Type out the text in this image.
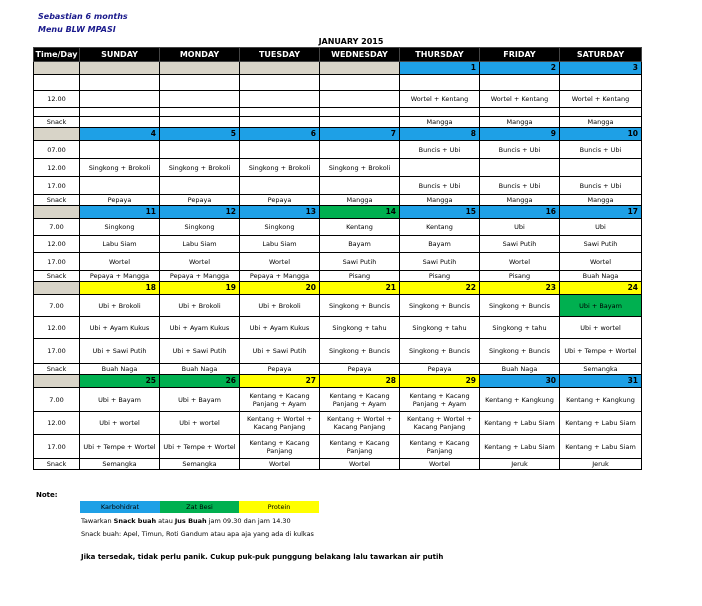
Sebastian 6 months
Menu BLW MPASI
JANUARY 2015
Time/Day	SUNDAY	MONDAY	TUESDAY	WEDNESDAY	THURSDAY	FRIDAY	SATURDAY
					1	2	3

12.00					Wortel + Kentang	Wortel + Kentang	Wortel + Kentang

Snack					Mangga	Mangga	Mangga
	4	5	6	7	8	9	10
07.00					Buncis + Ubi	Buncis + Ubi	Buncis + Ubi
12.00	Singkong + Brokoli	Singkong + Brokoli	Singkong + Brokoli	Singkong + Brokoli			
17.00					Buncis + Ubi	Buncis + Ubi	Buncis + Ubi
Snack	Pepaya	Pepaya	Pepaya	Mangga	Mangga	Mangga	Mangga
	11	12	13	14	15	16	17
7.00	Singkong	Singkong	Singkong	Kentang	Kentang	Ubi	Ubi
12.00	Labu Siam	Labu Siam	Labu Siam	Bayam	Bayam	Sawi Putih	Sawi Putih
17.00	Wortel	Wortel	Wortel	Sawi Putih	Sawi Putih	Wortel	Wortel
Snack	Pepaya + Mangga	Pepaya + Mangga	Pepaya + Mangga	Pisang	Pisang	Pisang	Buah Naga
	18	19	20	21	22	23	24
7.00	Ubi + Brokoli	Ubi + Brokoli	Ubi + Brokoli	Singkong + Buncis	Singkong + Buncis	Singkong + Buncis	Ubi + Bayam
12.00	Ubi + Ayam Kukus	Ubi + Ayam Kukus	Ubi + Ayam Kukus	Singkong + tahu	Singkong + tahu	Singkong + tahu	Ubi + wortel
17.00	Ubi + Sawi Putih	Ubi + Sawi Putih	Ubi + Sawi Putih	Singkong + Buncis	Singkong + Buncis	Singkong + Buncis	Ubi + Tempe + Wortel
Snack	Buah Naga	Buah Naga	Pepaya	Pepaya	Pepaya	Buah Naga	Semangka
	25	26	27	28	29	30	31
7.00	Ubi + Bayam	Ubi + Bayam	Kentang + Kacang Panjang + Ayam	Kentang + Kacang Panjang + Ayam	Kentang + Kacang Panjang + Ayam	Kentang + Kangkung	Kentang + Kangkung
12.00	Ubi + wortel	Ubi + wortel	Kentang + Wortel + Kacang Panjang	Kentang + Wortel + Kacang Panjang	Kentang + Wortel + Kacang Panjang	Kentang + Labu Siam	Kentang + Labu Siam
17.00	Ubi + Tempe + Wortel	Ubi + Tempe + Wortel	Kentang + Kacang Panjang	Kentang + Kacang Panjang	Kentang + Kacang Panjang	Kentang + Labu Siam	Kentang + Labu Siam
Snack	Semangka	Semangka	Wortel	Wortel	Wortel	Jeruk	Jeruk
Note:
Karbohidrat	Zat Besi	Protein
Tawarkan Snack buah atau Jus Buah jam 09.30 dan jam 14.30
Snack buah: Apel, Timun, Roti Gandum atau apa aja yang ada di kulkas
Jika tersedak, tidak perlu panik. Cukup puk-puk punggung belakang lalu tawarkan air putih
